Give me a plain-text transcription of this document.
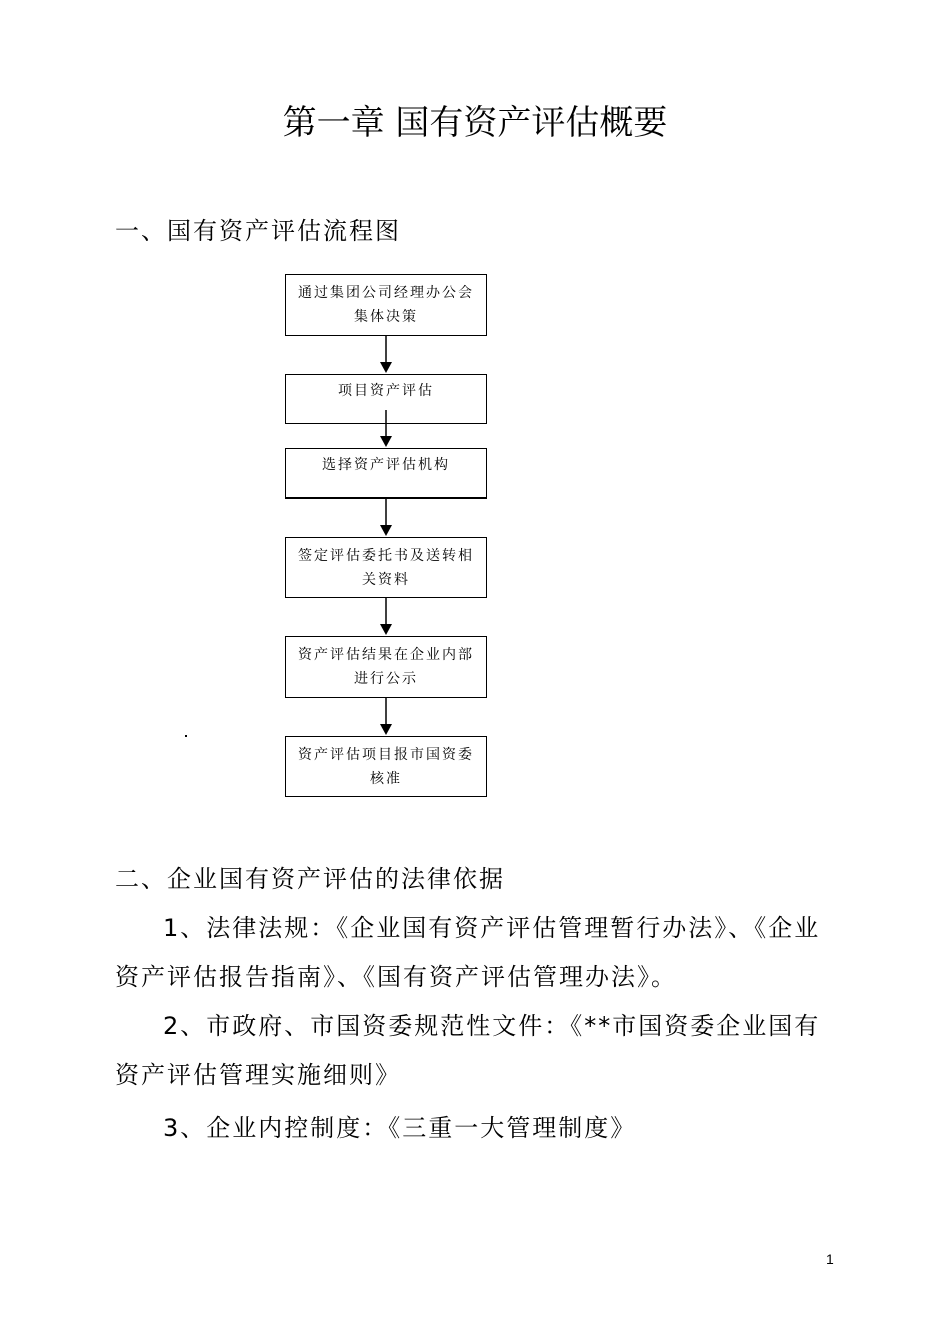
第一章 国有资产评估概要
一、国有资产评估流程图
通过集团公司经理办公会集体决策
项目资产评估
选择资产评估机构
签定评估委托书及送转相关资料
资产评估结果在企业内部进行公示
资产评估项目报市国资委核准
二、企业国有资产评估的法律依据

1、法律法规：《企业国有资产评估管理暂行办法》、《企业资产评估报告指南》、《国有资产评估管理办法》。

2、市政府、市国资委规范性文件：《**市国资委企业国有资产评估管理实施细则》

3、企业内控制度：《三重一大管理制度》

1
